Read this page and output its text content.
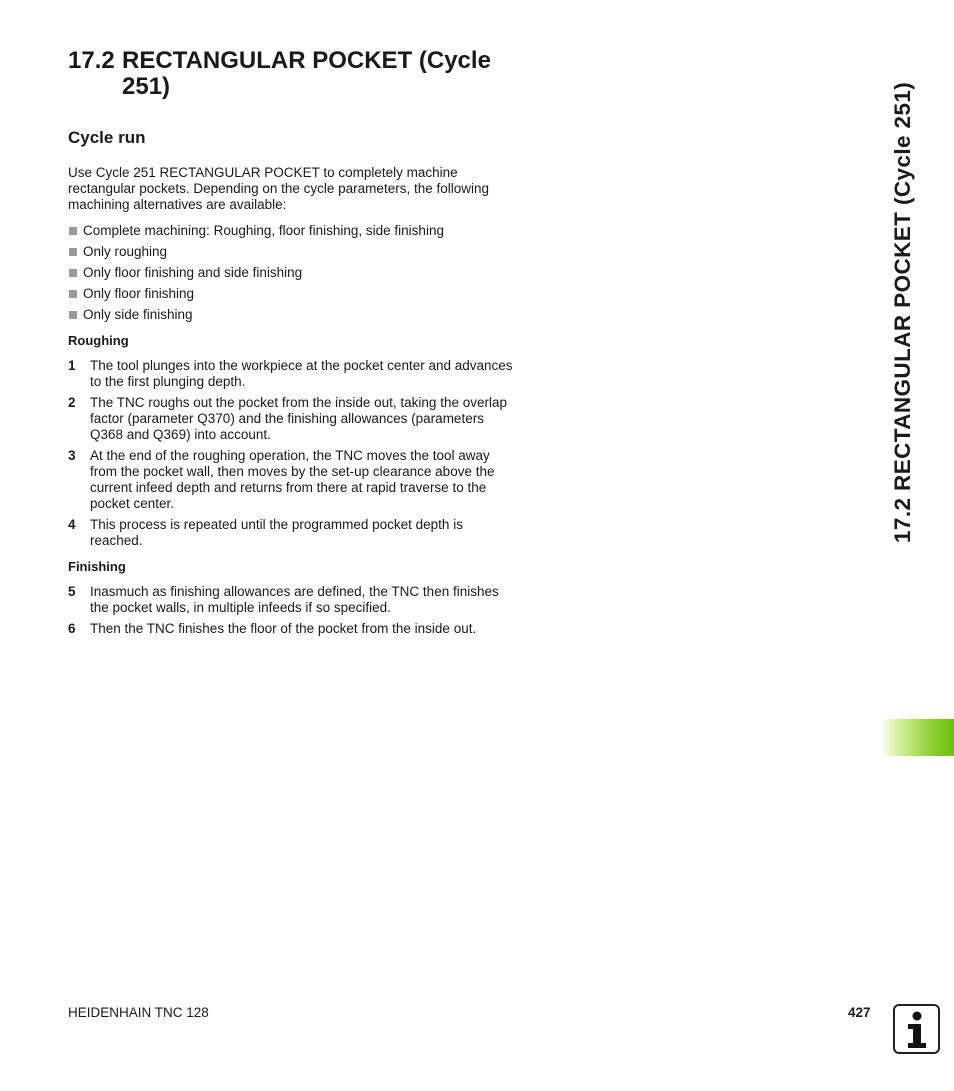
17.2 RECTANGULAR POCKET (Cycle 251)
Cycle run

Use Cycle 251 RECTANGULAR POCKET to completely machine rectangular pockets. Depending on the cycle parameters, the following machining alternatives are available:

Complete machining: Roughing, floor finishing, side finishing
Only roughing
Only floor finishing and side finishing
Only floor finishing
Only side finishing
Roughing
1	The tool plunges into the workpiece at the pocket center and advances to the first plunging depth.
2	The TNC roughs out the pocket from the inside out, taking the overlap factor (parameter Q370) and the finishing allowances (parameters Q368 and Q369) into account.
3	At the end of the roughing operation, the TNC moves the tool away from the pocket wall, then moves by the set-up clearance above the current infeed depth and returns from there at rapid traverse to the pocket center.
4	This process is repeated until the programmed pocket depth is reached.
Finishing
5	Inasmuch as finishing allowances are defined, the TNC then finishes the pocket walls, in multiple infeeds if so specified.
6	Then the TNC finishes the floor of the pocket from the inside out.
17.2 RECTANGULAR POCKET (Cycle 251)
HEIDENHAIN TNC 128	427
